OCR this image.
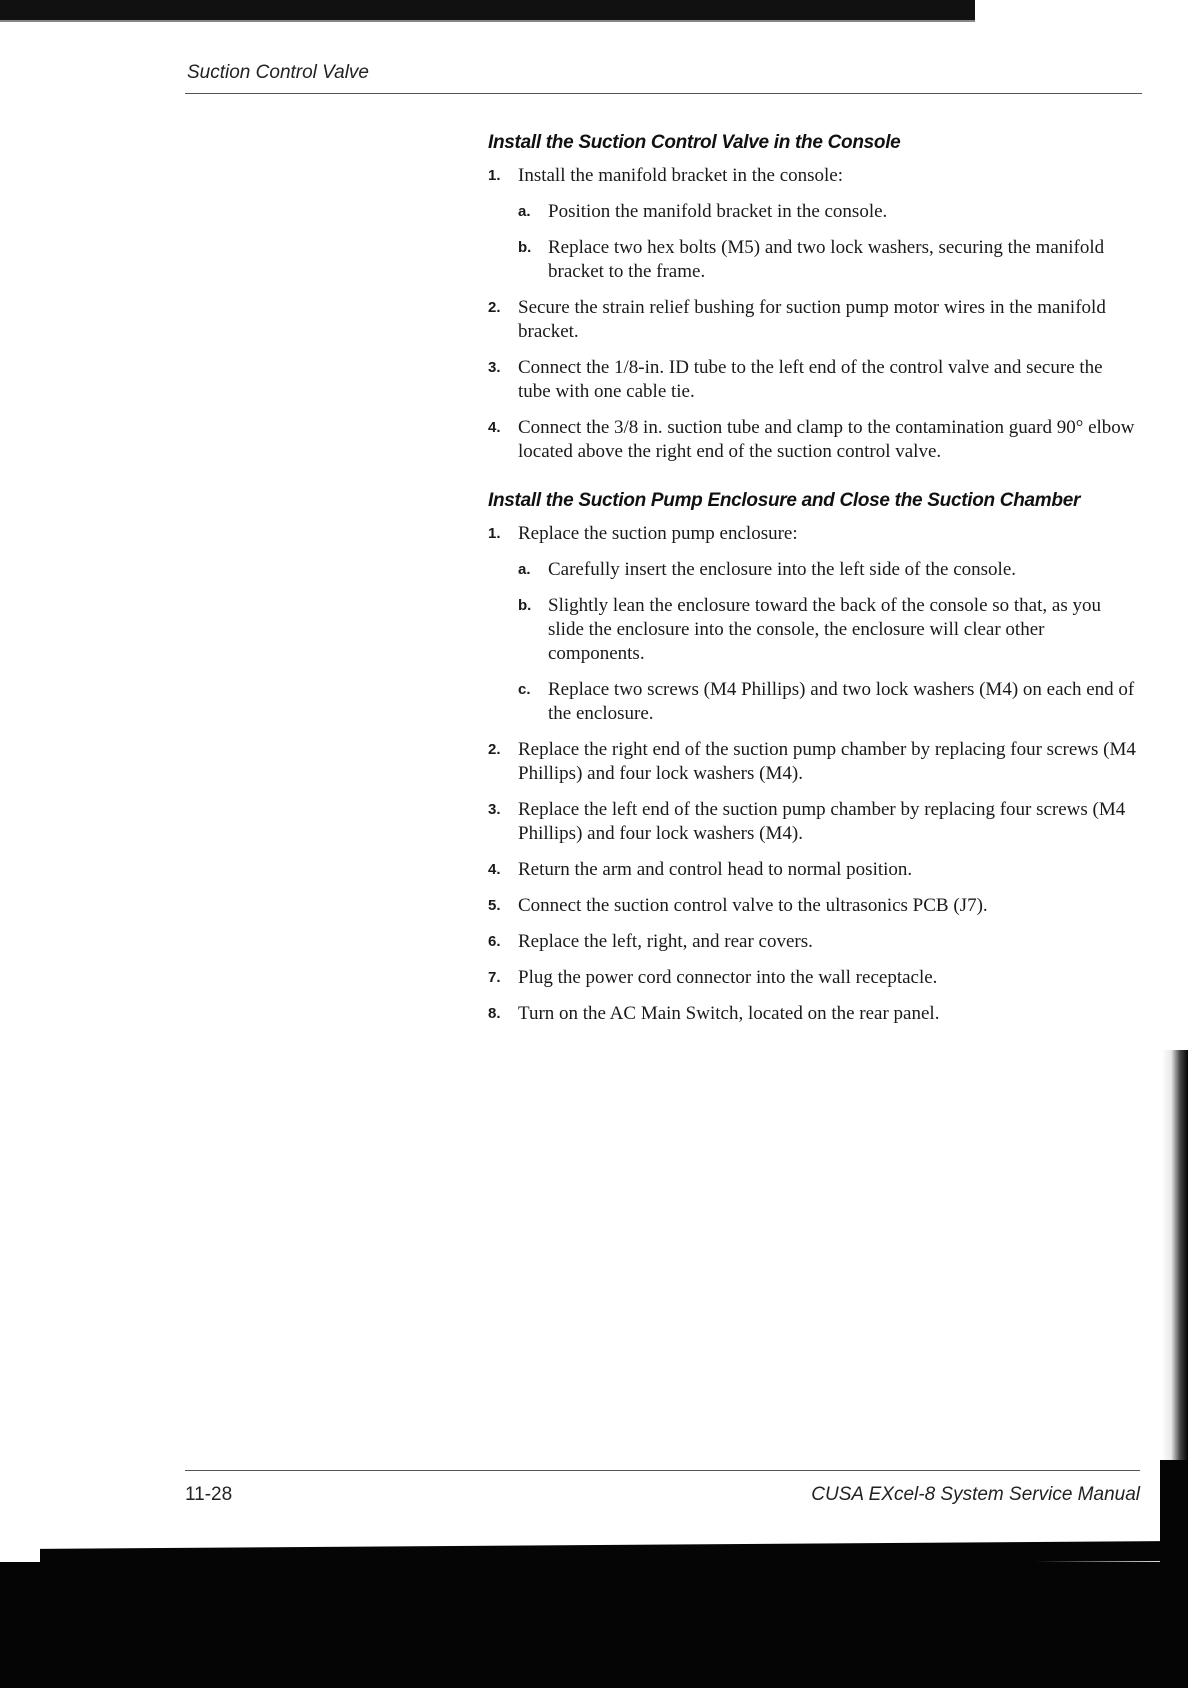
Suction Control Valve
Install the Suction Control Valve in the Console
1. Install the manifold bracket in the console:
a. Position the manifold bracket in the console.
b. Replace two hex bolts (M5) and two lock washers, securing the manifold bracket to the frame.
2. Secure the strain relief bushing for suction pump motor wires in the manifold bracket.
3. Connect the 1/8-in. ID tube to the left end of the control valve and secure the tube with one cable tie.
4. Connect the 3/8 in. suction tube and clamp to the contamination guard 90° elbow located above the right end of the suction control valve.
Install the Suction Pump Enclosure and Close the Suction Chamber
1. Replace the suction pump enclosure:
a. Carefully insert the enclosure into the left side of the console.
b. Slightly lean the enclosure toward the back of the console so that, as you slide the enclosure into the console, the enclosure will clear other components.
c. Replace two screws (M4 Phillips) and two lock washers (M4) on each end of the enclosure.
2. Replace the right end of the suction pump chamber by replacing four screws (M4 Phillips) and four lock washers (M4).
3. Replace the left end of the suction pump chamber by replacing four screws (M4 Phillips) and four lock washers (M4).
4. Return the arm and control head to normal position.
5. Connect the suction control valve to the ultrasonics PCB (J7).
6. Replace the left, right, and rear covers.
7. Plug the power cord connector into the wall receptacle.
8. Turn on the AC Main Switch, located on the rear panel.
11-28	CUSA EXcel-8 System Service Manual
